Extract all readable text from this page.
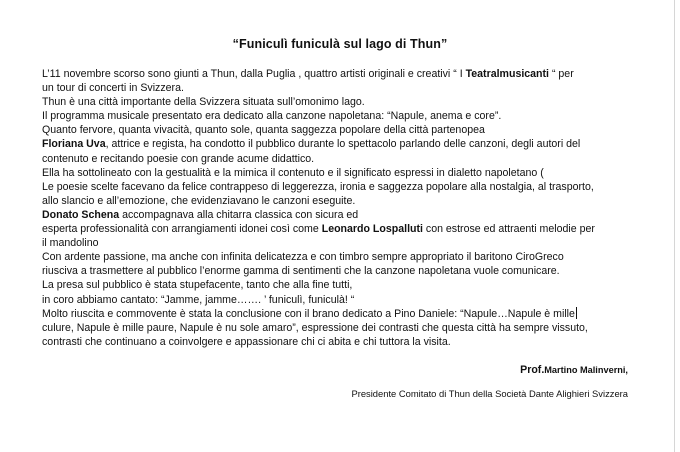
“Funiculì funiculà sul lago di Thun”
L’11 novembre scorso sono giunti a Thun, dalla Puglia , quattro artisti originali e creativi “ I Teatralmusicanti “ per
un tour di concerti in Svizzera.
Thun è una città importante della Svizzera situata sull’omonimo lago.
Il programma musicale presentato era dedicato alla canzone napoletana: “Napule, anema e core”.
Quanto fervore, quanta vivacità, quanto sole, quanta saggezza popolare della città partenopea
Floriana Uva, attrice e regista, ha condotto il pubblico durante lo spettacolo parlando delle canzoni, degli autori del
contenuto e recitando poesie con grande acume didattico.
Ella ha sottolineato con la gestualità e la mimica il contenuto e il significato espressi in dialetto napoletano (
Le poesie scelte facevano da felice contrappeso di leggerezza, ironia e saggezza popolare alla nostalgia, al trasporto,
allo slancio e all’emozione, che evidenziavano le canzoni eseguite.
Donato Schena accompagnava alla chitarra classica con sicura ed
esperta professionalità con arrangiamenti idonei così come Leonardo Lospalluti con estrose ed attraenti melodie per
il mandolino
Con ardente passione, ma anche con infinita delicatezza e con timbro sempre appropriato il baritono CiroGreco
riusciva a trasmettere al pubblico l’enorme gamma di sentimenti che la canzone napoletana vuole comunicare.
La presa sul pubblico è stata stupefacente, tanto che alla fine tutti,
in coro abbiamo cantato: “Jamme, jamme……. ’ funiculì, funiculà! “
Molto riuscita e commovente è stata la conclusione con il brano dedicato a Pino Daniele: “Napule…Napule è mille
culure, Napule è mille paure, Napule è nu sole amaro”, espressione dei contrasti che questa città ha sempre vissuto,
contrasti che continuano a coinvolgere e appassionare chi ci abita e chi tuttora la visita.
Prof.Martino Malinverni,
Presidente Comitato di Thun della Società Dante Alighieri Svizzera
